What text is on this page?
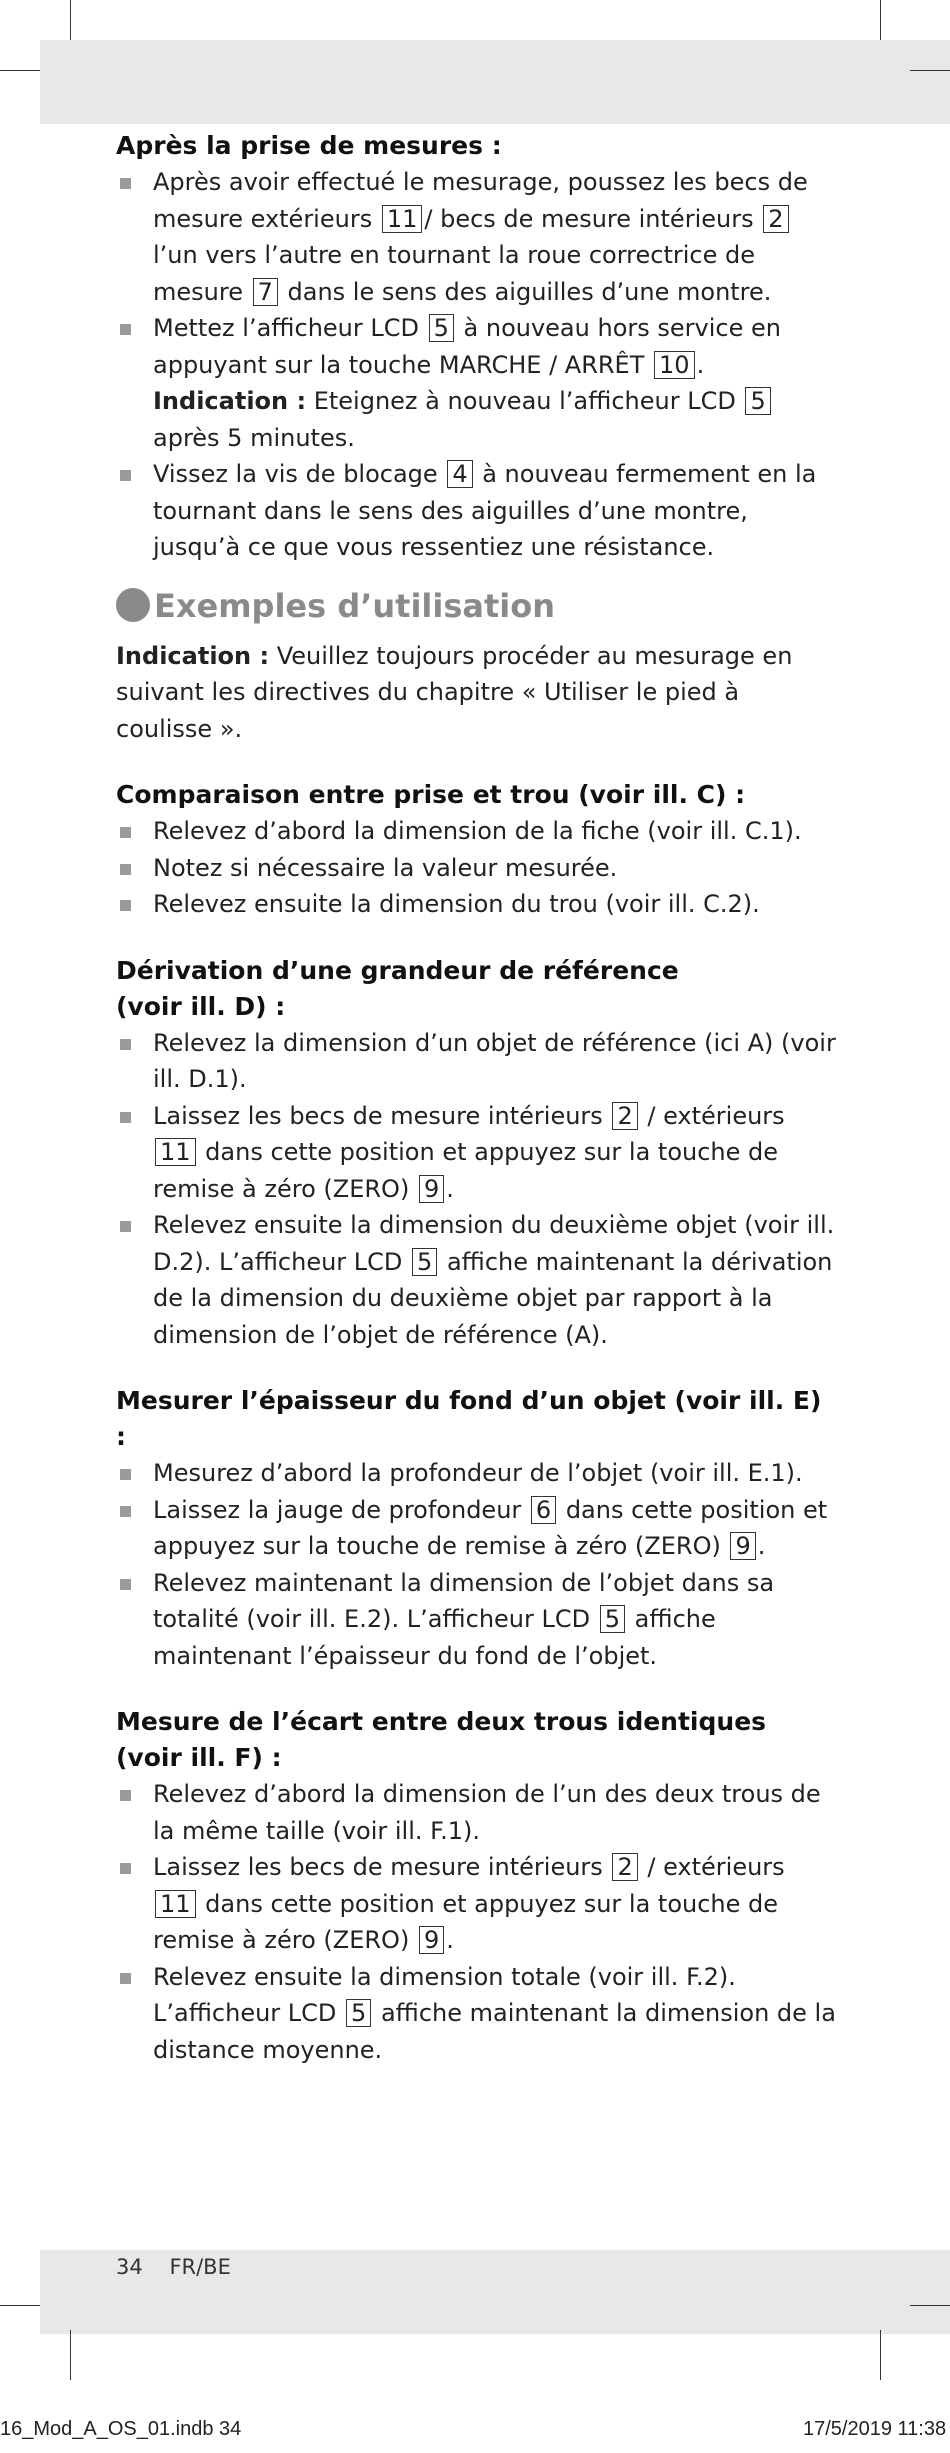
Après la prise de mesures :

Après avoir effectué le mesurage, poussez les becs de mesure extérieurs 11 / becs de mesure intérieurs 2 l’un vers l’autre en tournant la roue correctrice de mesure 7 dans le sens des aiguilles d’une montre.
Mettez l’afficheur LCD 5 à nouveau hors service en appuyant sur la touche MARCHE / ARRÊT 10 .
Indication : Eteignez à nouveau l’afficheur LCD 5 après 5 minutes.
Vissez la vis de blocage 4 à nouveau fermement en la tournant dans le sens des aiguilles d’une montre, jusqu’à ce que vous ressentiez une résistance.
Exemples d’utilisation

Indication : Veuillez toujours procéder au mesurage en suivant les directives du chapitre « Utiliser le pied à coulisse ».

Comparaison entre prise et trou (voir ill. C) :

Relevez d’abord la dimension de la fiche (voir ill. C.1).
Notez si nécessaire la valeur mesurée.
Relevez ensuite la dimension du trou (voir ill. C.2).

Dérivation d’une grandeur de référence
(voir ill. D) :

Relevez la dimension d’un objet de référence (ici A) (voir ill. D.1).
Laissez les becs de mesure intérieurs 2 / extérieurs 11 dans cette position et appuyez sur la touche de remise à zéro (ZERO) 9 .
Relevez ensuite la dimension du deuxième objet (voir ill. D.2). L’afficheur LCD 5 affiche maintenant la dérivation de la dimension du deuxième objet par rapport à la dimension de l’objet de référence (A).

Mesurer l’épaisseur du fond d’un objet (voir ill. E) :

Mesurez d’abord la profondeur de l’objet (voir ill. E.1).
Laissez la jauge de profondeur 6 dans cette position et appuyez sur la touche de remise à zéro (ZERO) 9 .
Relevez maintenant la dimension de l’objet dans sa totalité (voir ill. E.2). L’afficheur LCD 5 affiche maintenant l’épaisseur du fond de l’objet.

Mesure de l’écart entre deux trous identiques
(voir ill. F) :

Relevez d’abord la dimension de l’un des deux trous de la même taille (voir ill. F.1).
Laissez les becs de mesure intérieurs 2 / extérieurs 11 dans cette position et appuyez sur la touche de remise à zéro (ZERO) 9 .
Relevez ensuite la dimension totale (voir ill. F.2). L’afficheur LCD 5 affiche maintenant la dimension de la distance moyenne.
34 FR/BE
16_Mod_A_OS_01.indb 34	17/5/2019 11:38
